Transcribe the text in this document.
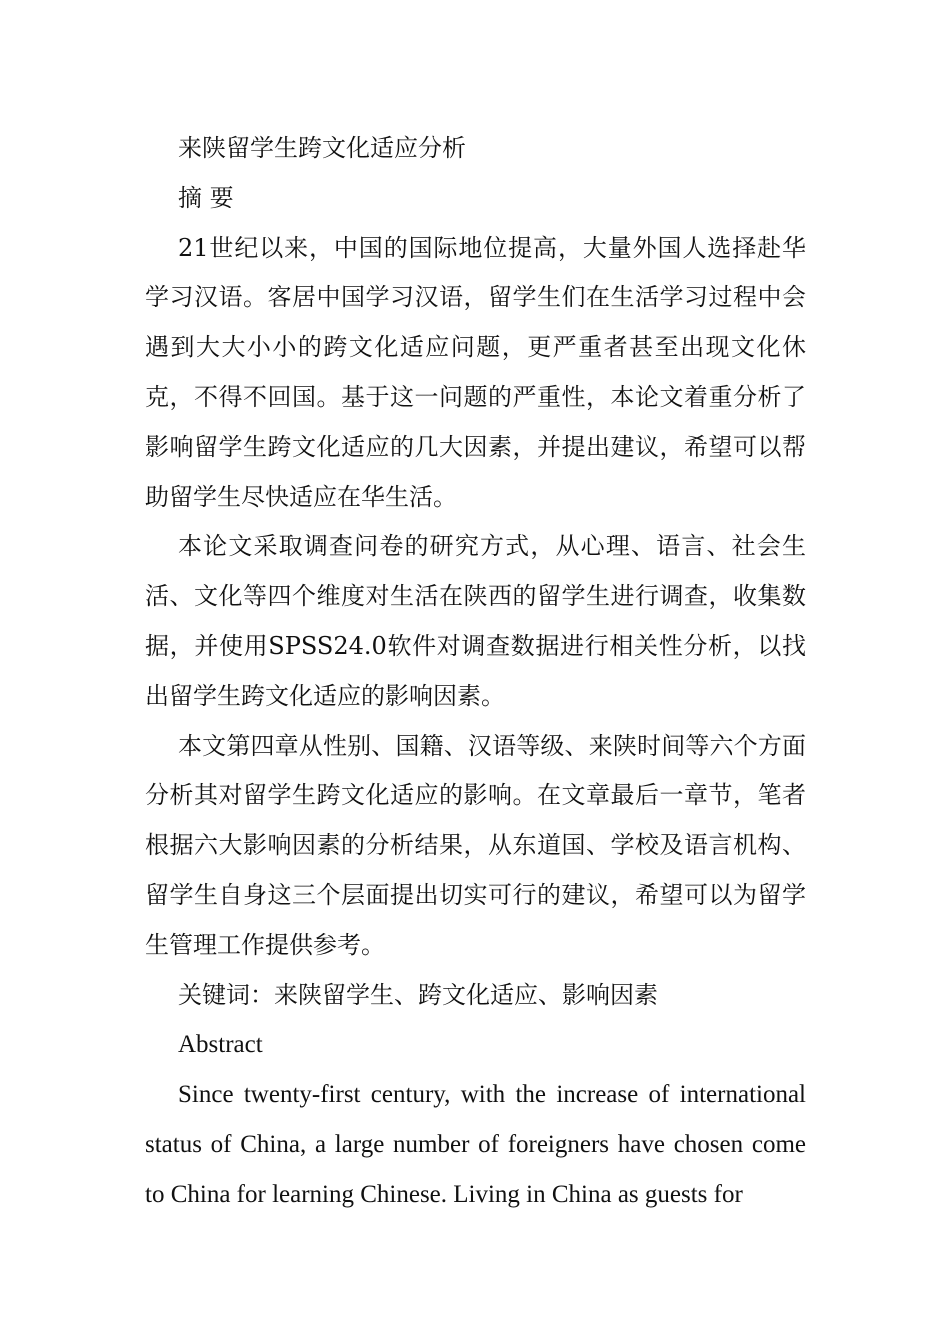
来陕留学生跨文化适应分析

摘 要

21世纪以来，中国的国际地位提高，大量外国人选择赴华学习汉语。客居中国学习汉语，留学生们在生活学习过程中会遇到大大小小的跨文化适应问题，更严重者甚至出现文化休克，不得不回国。基于这一问题的严重性，本论文着重分析了影响留学生跨文化适应的几大因素，并提出建议，希望可以帮助留学生尽快适应在华生活。

本论文采取调查问卷的研究方式，从心理、语言、社会生活、文化等四个维度对生活在陕西的留学生进行调查，收集数据，并使用SPSS24.0软件对调查数据进行相关性分析，以找出留学生跨文化适应的影响因素。

本文第四章从性别、国籍、汉语等级、来陕时间等六个方面分析其对留学生跨文化适应的影响。在文章最后一章节，笔者根据六大影响因素的分析结果，从东道国、学校及语言机构、留学生自身这三个层面提出切实可行的建议，希望可以为留学生管理工作提供参考。

关键词：来陕留学生、跨文化适应、影响因素

Abstract

Since twenty-first century, with the increase of international status of China, a large number of foreigners have chosen come to China for learning Chinese. Living in China as guests for
